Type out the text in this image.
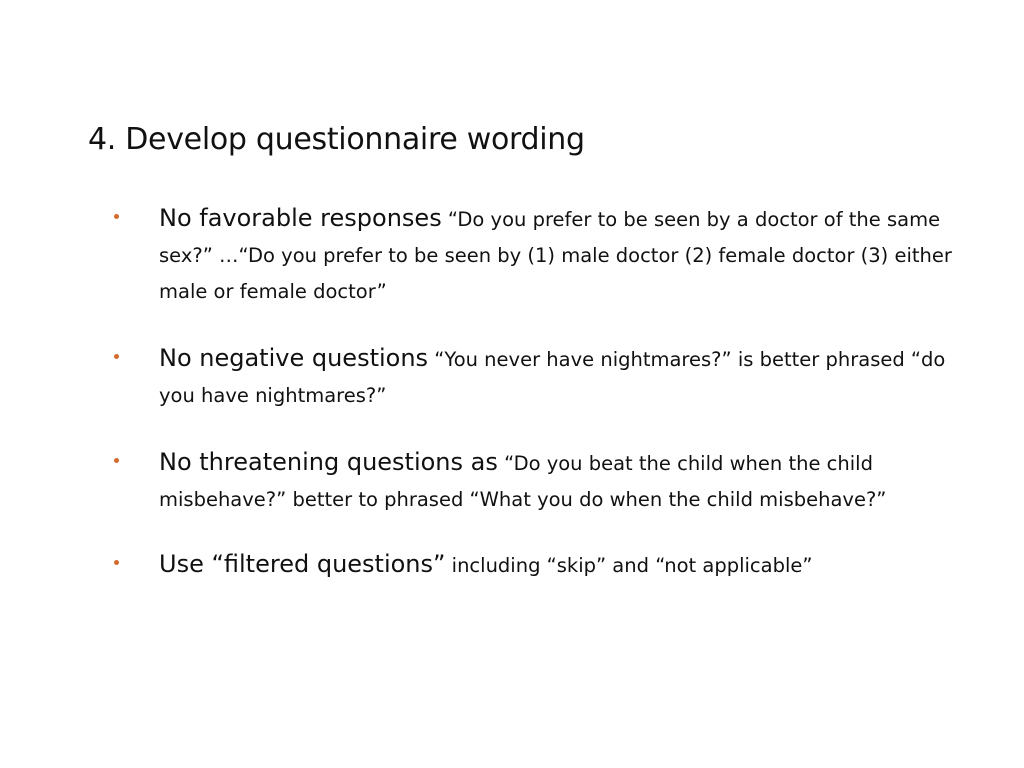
4. Develop questionnaire wording
No favorable responses “Do you prefer to be seen by a doctor of the same sex?” …“Do you prefer to be seen by (1) male doctor (2) female doctor (3) either male or female doctor”
No negative questions “You never have nightmares?” is better phrased “do you have nightmares?”
No threatening questions as “Do you beat the child when the child misbehave?” better to phrased “What you do when the child misbehave?”
Use “filtered questions” including “skip” and “not applicable”
